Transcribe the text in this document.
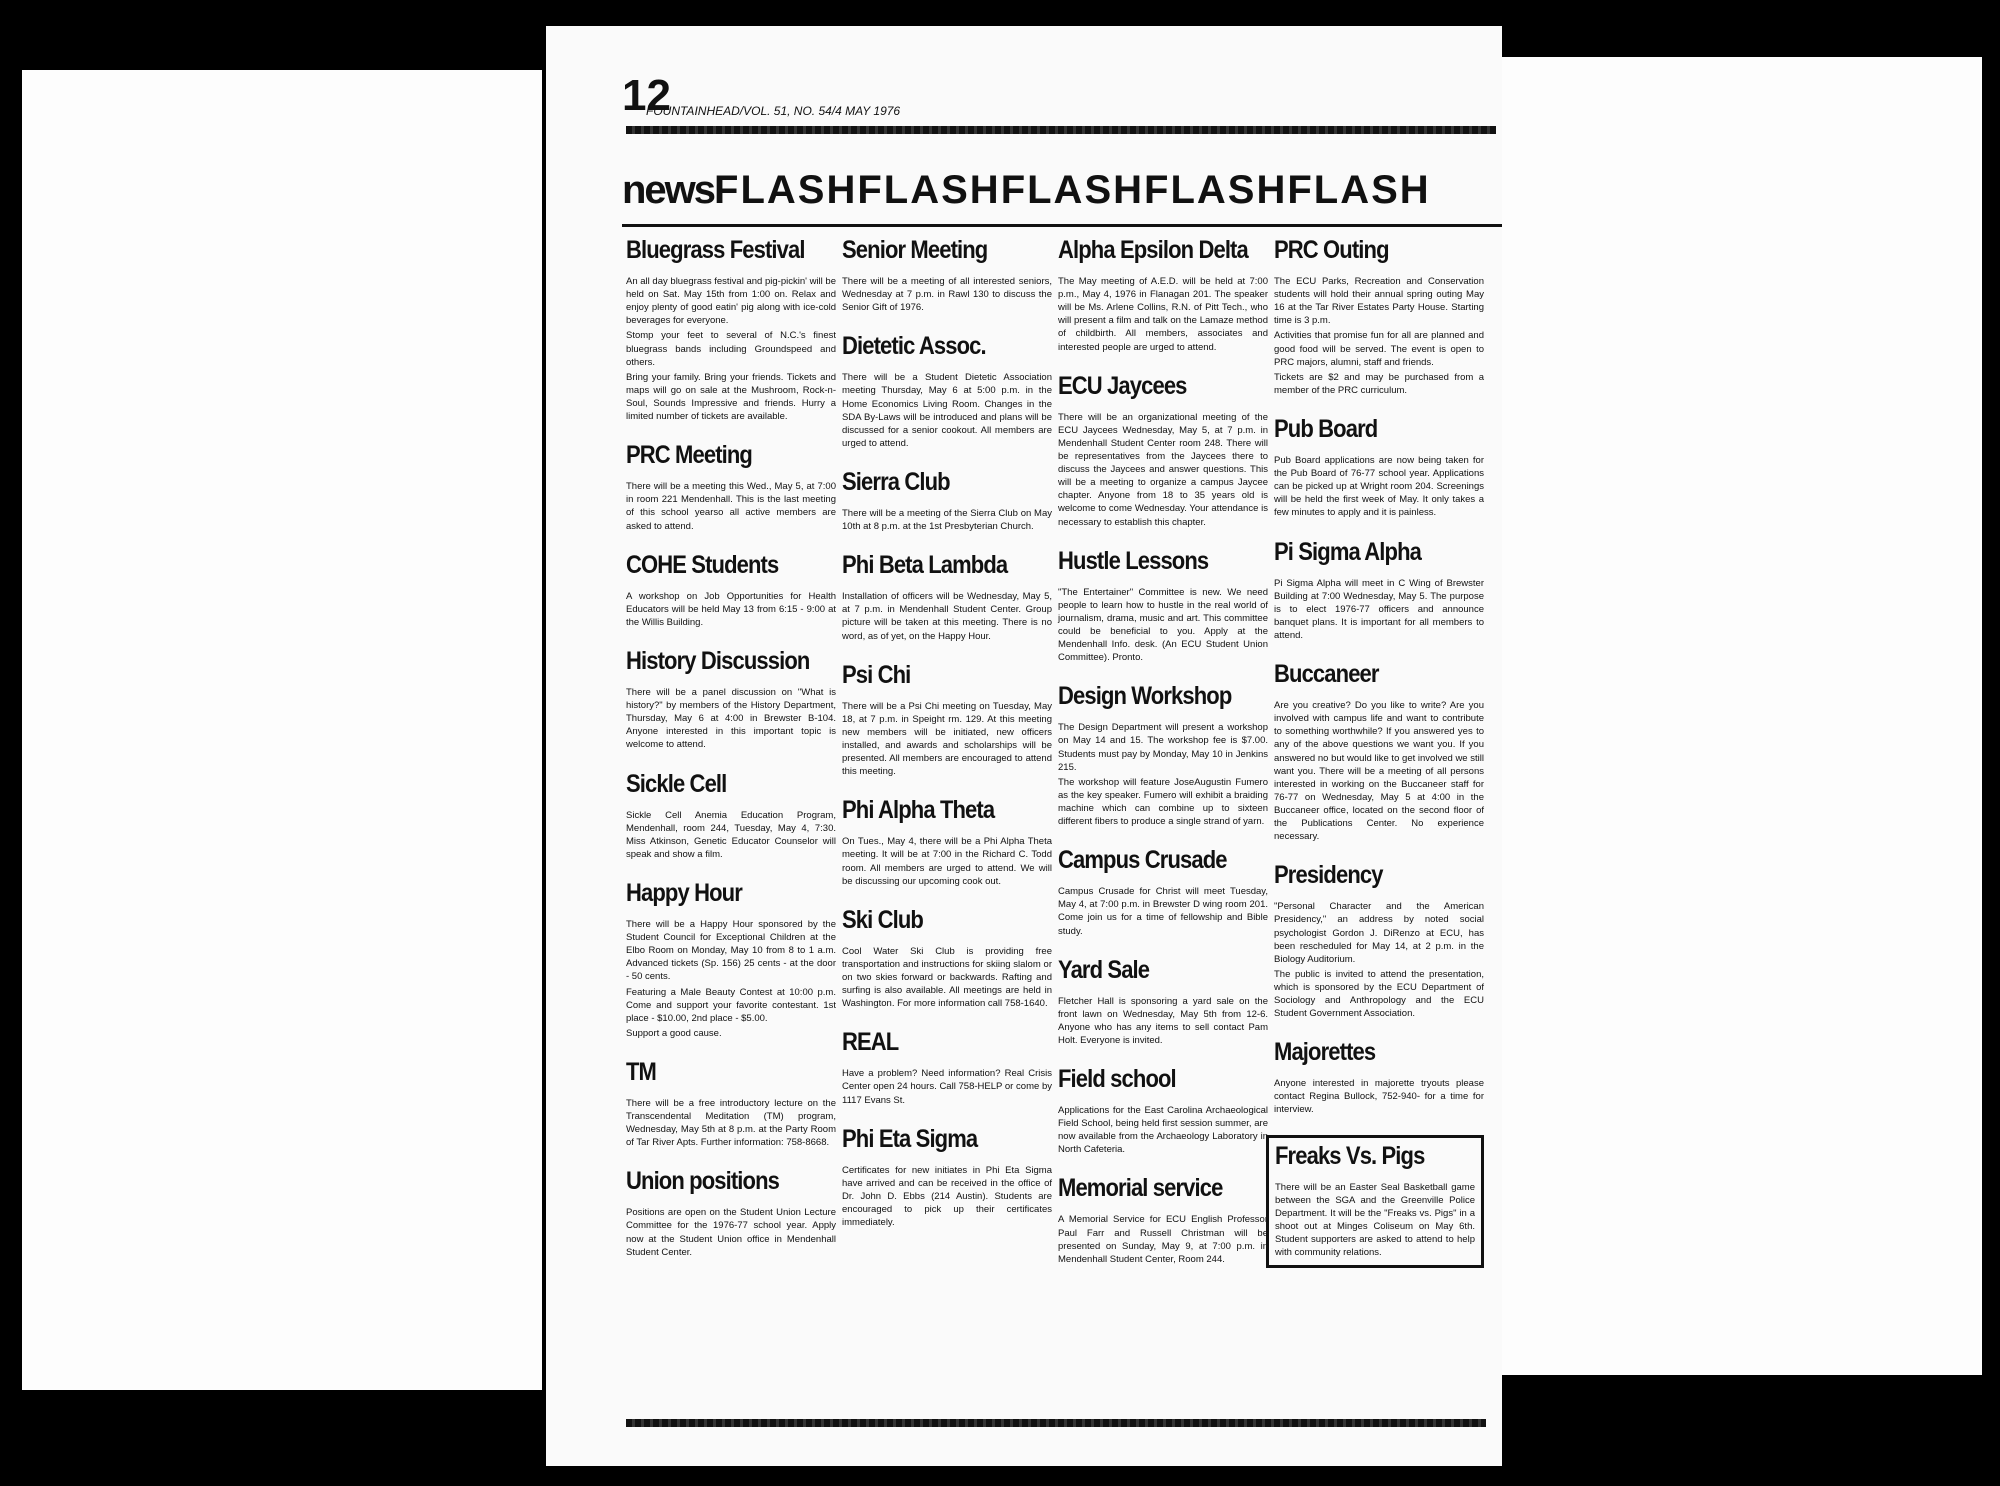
12
FOUNTAINHEAD/VOL. 51, NO. 54/4 MAY 1976
newsFLASHFLASHFLASHFLASHFLASH
Bluegrass Festival

An all day bluegrass festival and pig-pickin' will be held on Sat. May 15th from 1:00 on. Relax and enjoy plenty of good eatin' pig along with ice-cold beverages for everyone.

Stomp your feet to several of N.C.'s finest bluegrass bands including Groundspeed and others.

Bring your family. Bring your friends. Tickets and maps will go on sale at the Mushroom, Rock-n-Soul, Sounds Impressive and friends. Hurry a limited number of tickets are available.

PRC Meeting

There will be a meeting this Wed., May 5, at 7:00 in room 221 Mendenhall. This is the last meeting of this school yearso all active members are asked to attend.

COHE Students

A workshop on Job Opportunities for Health Educators will be held May 13 from 6:15 - 9:00 at the Willis Building.

History Discussion

There will be a panel discussion on "What is history?" by members of the History Department, Thursday, May 6 at 4:00 in Brewster B-104. Anyone interested in this important topic is welcome to attend.

Sickle Cell

Sickle Cell Anemia Education Program, Mendenhall, room 244, Tuesday, May 4, 7:30. Miss Atkinson, Genetic Educator Counselor will speak and show a film.

Happy Hour

There will be a Happy Hour sponsored by the Student Council for Exceptional Children at the Elbo Room on Monday, May 10 from 8 to 1 a.m. Advanced tickets (Sp. 156) 25 cents - at the door - 50 cents.

Featuring a Male Beauty Contest at 10:00 p.m. Come and support your favorite contestant. 1st place - $10.00, 2nd place - $5.00.

Support a good cause.

TM

There will be a free introductory lecture on the Transcendental Meditation (TM) program, Wednesday, May 5th at 8 p.m. at the Party Room of Tar River Apts. Further information: 758-8668.

Union positions

Positions are open on the Student Union Lecture Committee for the 1976-77 school year. Apply now at the Student Union office in Mendenhall Student Center.

Senior Meeting

There will be a meeting of all interested seniors, Wednesday at 7 p.m. in Rawl 130 to discuss the Senior Gift of 1976.

Dietetic Assoc.

There will be a Student Dietetic Association meeting Thursday, May 6 at 5:00 p.m. in the Home Economics Living Room. Changes in the SDA By-Laws will be introduced and plans will be discussed for a senior cookout. All members are urged to attend.

Sierra Club

There will be a meeting of the Sierra Club on May 10th at 8 p.m. at the 1st Presbyterian Church.

Phi Beta Lambda

Installation of officers will be Wednesday, May 5, at 7 p.m. in Mendenhall Student Center. Group picture will be taken at this meeting. There is no word, as of yet, on the Happy Hour.

Psi Chi

There will be a Psi Chi meeting on Tuesday, May 18, at 7 p.m. in Speight rm. 129. At this meeting new members will be initiated, new officers installed, and awards and scholarships will be presented. All members are encouraged to attend this meeting.

Phi Alpha Theta

On Tues., May 4, there will be a Phi Alpha Theta meeting. It will be at 7:00 in the Richard C. Todd room. All members are urged to attend. We will be discussing our upcoming cook out.

Ski Club

Cool Water Ski Club is providing free transportation and instructions for skiing slalom or on two skies forward or backwards. Rafting and surfing is also available. All meetings are held in Washington. For more information call 758-1640.

REAL

Have a problem? Need information? Real Crisis Center open 24 hours. Call 758-HELP or come by 1117 Evans St.

Phi Eta Sigma

Certificates for new initiates in Phi Eta Sigma have arrived and can be received in the office of Dr. John D. Ebbs (214 Austin). Students are encouraged to pick up their certificates immediately.

Alpha Epsilon Delta

The May meeting of A.E.D. will be held at 7:00 p.m., May 4, 1976 in Flanagan 201. The speaker will be Ms. Arlene Collins, R.N. of Pitt Tech., who will present a film and talk on the Lamaze method of childbirth. All members, associates and interested people are urged to attend.

ECU Jaycees

There will be an organizational meeting of the ECU Jaycees Wednesday, May 5, at 7 p.m. in Mendenhall Student Center room 248. There will be representatives from the Jaycees there to discuss the Jaycees and answer questions. This will be a meeting to organize a campus Jaycee chapter. Anyone from 18 to 35 years old is welcome to come Wednesday. Your attendance is necessary to establish this chapter.

Hustle Lessons

"The Entertainer" Committee is new. We need people to learn how to hustle in the real world of journalism, drama, music and art. This committee could be beneficial to you. Apply at the Mendenhall Info. desk. (An ECU Student Union Committee). Pronto.

Design Workshop

The Design Department will present a workshop on May 14 and 15. The workshop fee is $7.00. Students must pay by Monday, May 10 in Jenkins 215.

The workshop will feature JoseAugustin Fumero as the key speaker. Fumero will exhibit a braiding machine which can combine up to sixteen different fibers to produce a single strand of yarn.

Campus Crusade

Campus Crusade for Christ will meet Tuesday, May 4, at 7:00 p.m. in Brewster D wing room 201. Come join us for a time of fellowship and Bible study.

Yard Sale

Fletcher Hall is sponsoring a yard sale on the front lawn on Wednesday, May 5th from 12-6. Anyone who has any items to sell contact Pam Holt. Everyone is invited.

Field school

Applications for the East Carolina Archaeological Field School, being held first session summer, are now available from the Archaeology Laboratory in North Cafeteria.

Memorial service

A Memorial Service for ECU English Professor Paul Farr and Russell Christman will be presented on Sunday, May 9, at 7:00 p.m. in Mendenhall Student Center, Room 244.

PRC Outing

The ECU Parks, Recreation and Conservation students will hold their annual spring outing May 16 at the Tar River Estates Party House. Starting time is 3 p.m.

Activities that promise fun for all are planned and good food will be served. The event is open to PRC majors, alumni, staff and friends.

Tickets are $2 and may be purchased from a member of the PRC curriculum.

Pub Board

Pub Board applications are now being taken for the Pub Board of 76-77 school year. Applications can be picked up at Wright room 204. Screenings will be held the first week of May. It only takes a few minutes to apply and it is painless.

Pi Sigma Alpha

Pi Sigma Alpha will meet in C Wing of Brewster Building at 7:00 Wednesday, May 5. The purpose is to elect 1976-77 officers and announce banquet plans. It is important for all members to attend.

Buccaneer

Are you creative? Do you like to write? Are you involved with campus life and want to contribute to something worthwhile? If you answered yes to any of the above questions we want you. If you answered no but would like to get involved we still want you. There will be a meeting of all persons interested in working on the Buccaneer staff for 76-77 on Wednesday, May 5 at 4:00 in the Buccaneer office, located on the second floor of the Publications Center. No experience necessary.

Presidency

"Personal Character and the American Presidency," an address by noted social psychologist Gordon J. DiRenzo at ECU, has been rescheduled for May 14, at 2 p.m. in the Biology Auditorium.

The public is invited to attend the presentation, which is sponsored by the ECU Department of Sociology and Anthropology and the ECU Student Government Association.

Majorettes

Anyone interested in majorette tryouts please contact Regina Bullock, 752-940- for a time for interview.

Freaks Vs. Pigs

There will be an Easter Seal Basketball game between the SGA and the Greenville Police Department. It will be the "Freaks vs. Pigs" in a shoot out at Minges Coliseum on May 6th. Student supporters are asked to attend to help with community relations.
